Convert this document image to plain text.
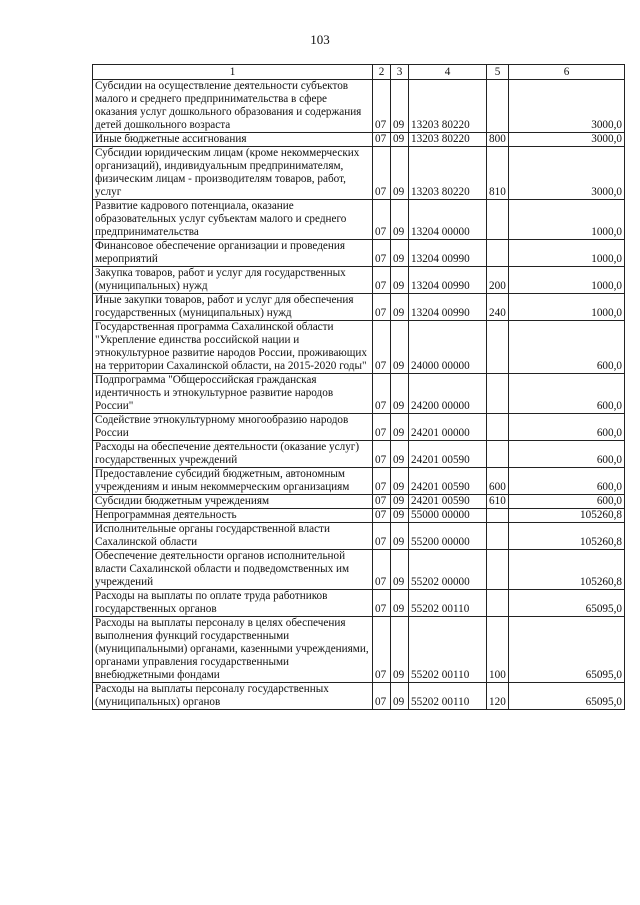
103
1	2	3	4	5	6
Субсидии на осуществление деятельности субъектов малого и среднего предпринимательства в сфере оказания услуг дошкольного образования и содержания детей дошкольного возраста	07	09	13203 80220		3000,0
Иные бюджетные ассигнования	07	09	13203 80220	800	3000,0
Субсидии юридическим лицам (кроме некоммерческих организаций), индивидуальным предпринимателям, физическим лицам - производителям товаров, работ, услуг	07	09	13203 80220	810	3000,0
Развитие кадрового потенциала, оказание образовательных услуг субъектам малого и среднего предпринимательства	07	09	13204 00000		1000,0
Финансовое обеспечение организации и проведения мероприятий	07	09	13204 00990		1000,0
Закупка товаров, работ и услуг для государственных (муниципальных) нужд	07	09	13204 00990	200	1000,0
Иные закупки товаров, работ и услуг для обеспечения государственных (муниципальных) нужд	07	09	13204 00990	240	1000,0
Государственная программа Сахалинской области "Укрепление единства российской нации и этнокультурное развитие народов России, проживающих на территории Сахалинской области, на 2015-2020 годы"	07	09	24000 00000		600,0
Подпрограмма "Общероссийская гражданская идентичность и этнокультурное развитие народов России"	07	09	24200 00000		600,0
Содействие этнокультурному многообразию народов России	07	09	24201 00000		600,0
Расходы на обеспечение деятельности (оказание услуг) государственных учреждений	07	09	24201 00590		600,0
Предоставление субсидий бюджетным, автономным учреждениям и иным некоммерческим организациям	07	09	24201 00590	600	600,0
Субсидии бюджетным учреждениям	07	09	24201 00590	610	600,0
Непрограммная деятельность	07	09	55000 00000		105260,8
Исполнительные органы государственной власти Сахалинской области	07	09	55200 00000		105260,8
Обеспечение деятельности органов исполнительной власти Сахалинской области и подведомственных им учреждений	07	09	55202 00000		105260,8
Расходы на выплаты по оплате труда работников государственных органов	07	09	55202 00110		65095,0
Расходы на выплаты персоналу в целях обеспечения выполнения функций государственными (муниципальными) органами, казенными учреждениями, органами управления государственными внебюджетными фондами	07	09	55202 00110	100	65095,0
Расходы на выплаты персоналу государственных (муниципальных) органов	07	09	55202 00110	120	65095,0
